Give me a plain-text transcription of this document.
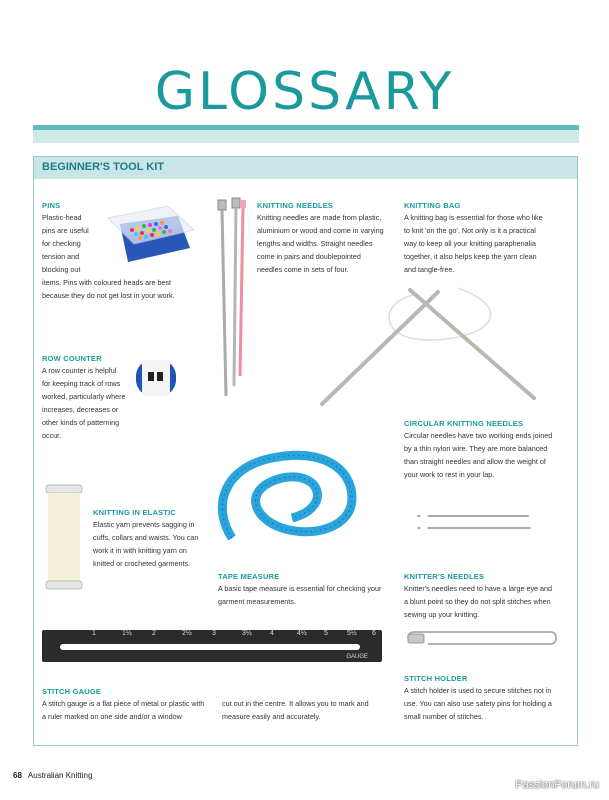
GLOSSARY
BEGINNER'S TOOL KIT
PINS
Plastic-head
pins are useful
for checking
tension and
blocking out
items. Pins with coloured heads are best
because they do not get lost in your work.
KNITTING NEEDLES
Knitting needles are made from plastic,
aluminium or wood and come in varying
lengths and widths. Straight needles
come in pairs and doublepointed
needles come in sets of four.
KNITTING BAG
A knitting bag is essential for those who like
to knit 'on the go'. Not only is it a practical
way to keep all your knitting paraphenalia
together, it also helps keep the yarn clean
and tangle-free.
ROW COUNTER
A row counter is helpful
for keeping track of rows
worked, particularly where
increases, decreases or
other kinds of patterning
occur.
CIRCULAR KNITTING NEEDLES
Circular needles have two working ends joined
by a thin nylon wire. They are more balanced
than straight needles and allow the weight of
your work to rest in your lap.
KNITTING IN ELASTIC
Elastic yarn prevents sagging in
cuffs, collars and waists. You can
work it in with knitting yarn on
knitted or crocheted garments.
TAPE MEASURE
A basic tape measure is essential for checking your
garment measurements.
KNITTER'S NEEDLES
Knitter's needles need to have a large eye and
a blunt point so they do not split stitches when
sewing up your knitting.
1	1½	2	2½	3	3½	4	4½ 5	5½ 6
GAUGE
STITCH GAUGE
A stitch gauge is a flat piece of metal or plastic with
a ruler marked on one side and/or a window
cut out in the centre. It allows you to mark and
measure easily and accurately.
STITCH HOLDER
A stitch holder is used to secure stitches not in
use. You can also use safety pins for holding a
small number of stitches.
68 Australian Knitting
PassionForum.ru
